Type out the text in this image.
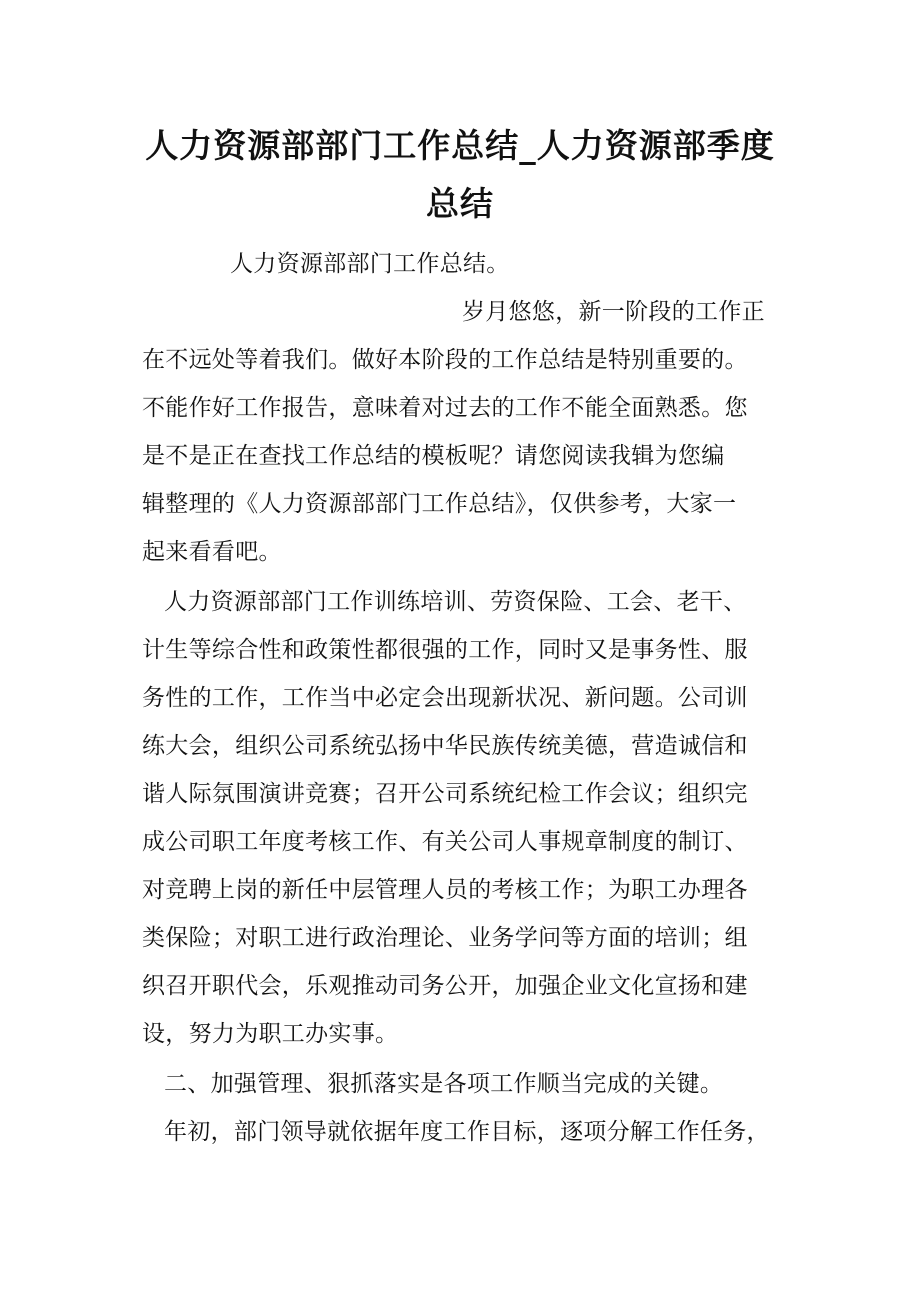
人力资源部部门工作总结_人力资源部季度
总结
人力资源部部门工作总结。
岁月悠悠，新一阶段的工作正
在不远处等着我们。做好本阶段的工作总结是特别重要的。
不能作好工作报告，意味着对过去的工作不能全面熟悉。您
是不是正在查找工作总结的模板呢？请您阅读我辑为您编
辑整理的《人力资源部部门工作总结》，仅供参考，大家一
起来看看吧。
人力资源部部门工作训练培训、劳资保险、工会、老干、
计生等综合性和政策性都很强的工作，同时又是事务性、服
务性的工作，工作当中必定会出现新状况、新问题。公司训
练大会，组织公司系统弘扬中华民族传统美德，营造诚信和
谐人际氛围演讲竞赛；召开公司系统纪检工作会议；组织完
成公司职工年度考核工作、有关公司人事规章制度的制订、
对竞聘上岗的新任中层管理人员的考核工作；为职工办理各
类保险；对职工进行政治理论、业务学问等方面的培训；组
织召开职代会，乐观推动司务公开，加强企业文化宣扬和建
设，努力为职工办实事。
二、加强管理、狠抓落实是各项工作顺当完成的关键。
年初，部门领导就依据年度工作目标，逐项分解工作任务，
